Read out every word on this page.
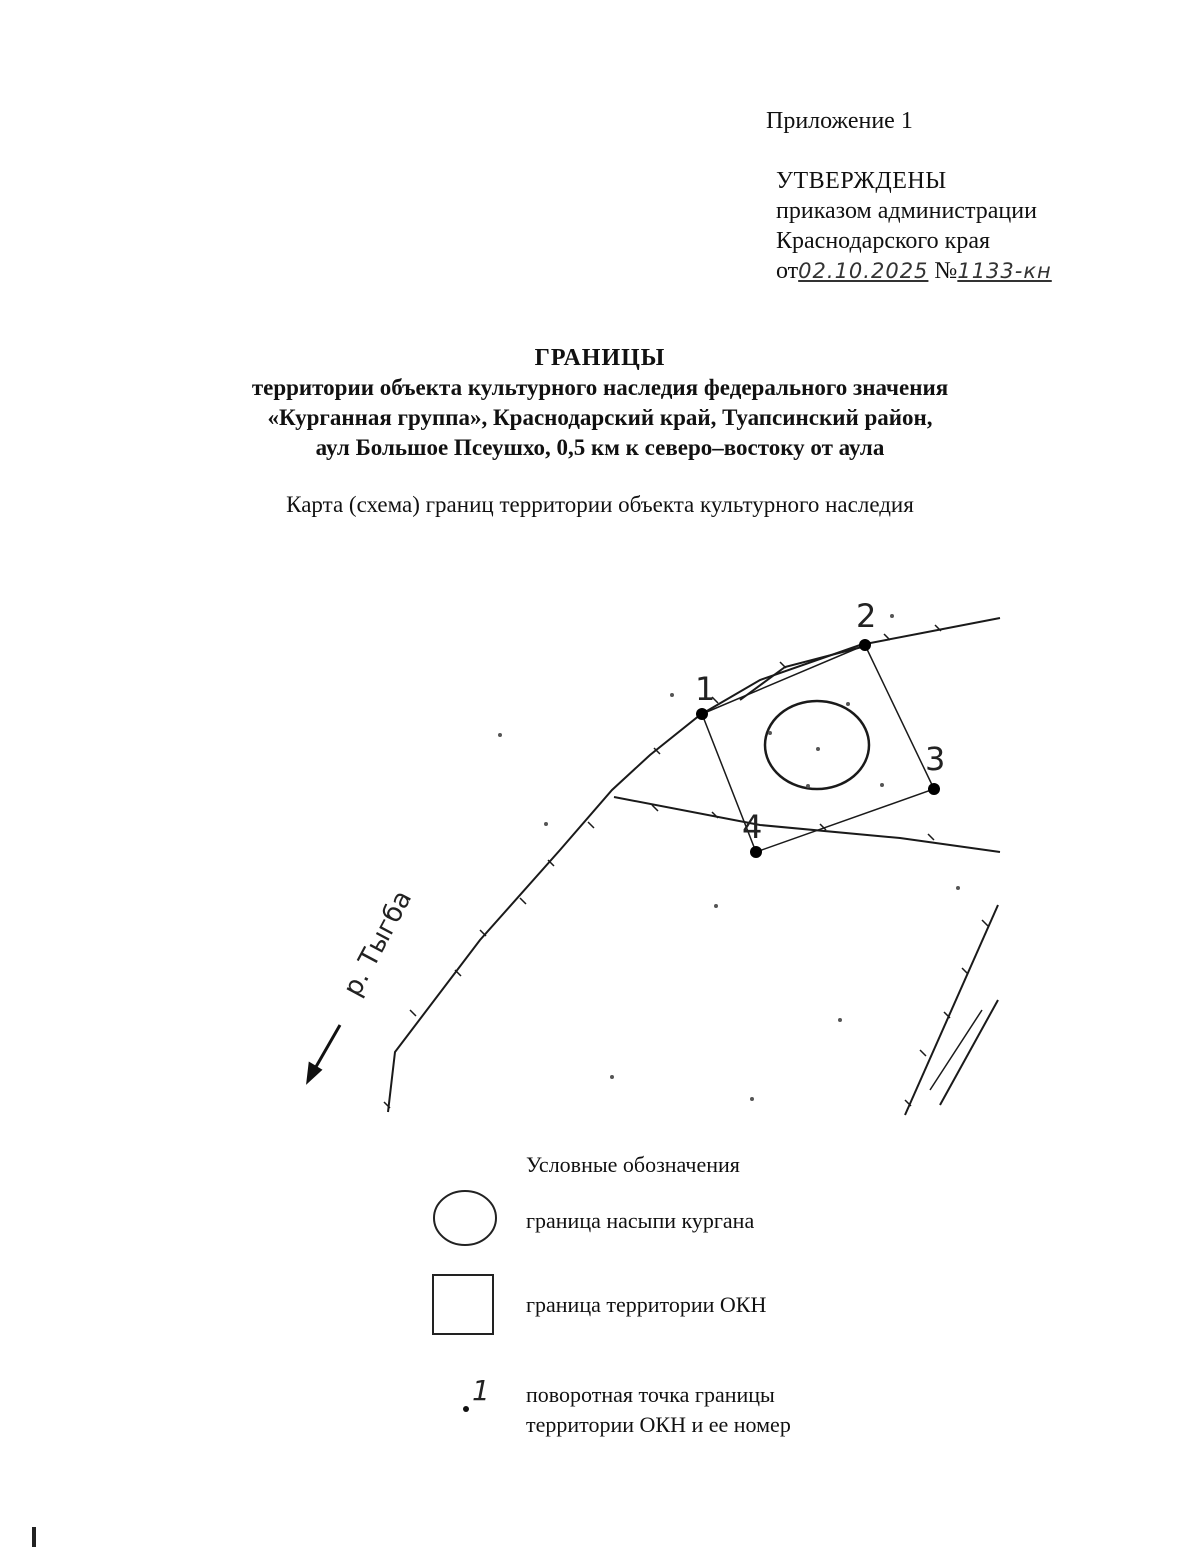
Приложение 1
УТВЕРЖДЕНЫ
приказом администрации
Краснодарского края
от02.10.2025 №1133-кн
ГРАНИЦЫ
территории объекта культурного наследия федерального значения
«Курганная группа», Краснодарский край, Туапсинский район,
аул Большое Псеушхо, 0,5 км к северо–востоку от аула
Карта (схема) границ территории объекта культурного наследия
1
2
3
4
р. Тыгба
1
Условные обозначения
граница насыпи кургана
граница территории ОКН
поворотная точка границы
территории ОКН и ее номер
